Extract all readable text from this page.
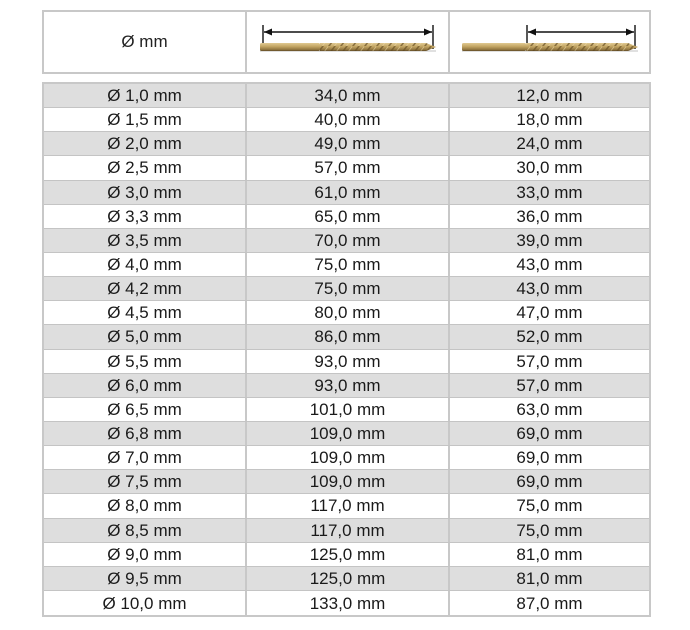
Ø mm
Ø 1,0 mm	34,0 mm	12,0 mm
Ø 1,5 mm	40,0 mm	18,0 mm
Ø 2,0 mm	49,0 mm	24,0 mm
Ø 2,5 mm	57,0 mm	30,0 mm
Ø 3,0 mm	61,0 mm	33,0 mm
Ø 3,3 mm	65,0 mm	36,0 mm
Ø 3,5 mm	70,0 mm	39,0 mm
Ø 4,0 mm	75,0 mm	43,0 mm
Ø 4,2 mm	75,0 mm	43,0 mm
Ø 4,5 mm	80,0 mm	47,0 mm
Ø 5,0 mm	86,0 mm	52,0 mm
Ø 5,5 mm	93,0 mm	57,0 mm
Ø 6,0 mm	93,0 mm	57,0 mm
Ø 6,5 mm	101,0 mm	63,0 mm
Ø 6,8 mm	109,0 mm	69,0 mm
Ø 7,0 mm	109,0 mm	69,0 mm
Ø 7,5 mm	109,0 mm	69,0 mm
Ø 8,0 mm	117,0 mm	75,0 mm
Ø 8,5 mm	117,0 mm	75,0 mm
Ø 9,0 mm	125,0 mm	81,0 mm
Ø 9,5 mm	125,0 mm	81,0 mm
Ø 10,0 mm	133,0 mm	87,0 mm
